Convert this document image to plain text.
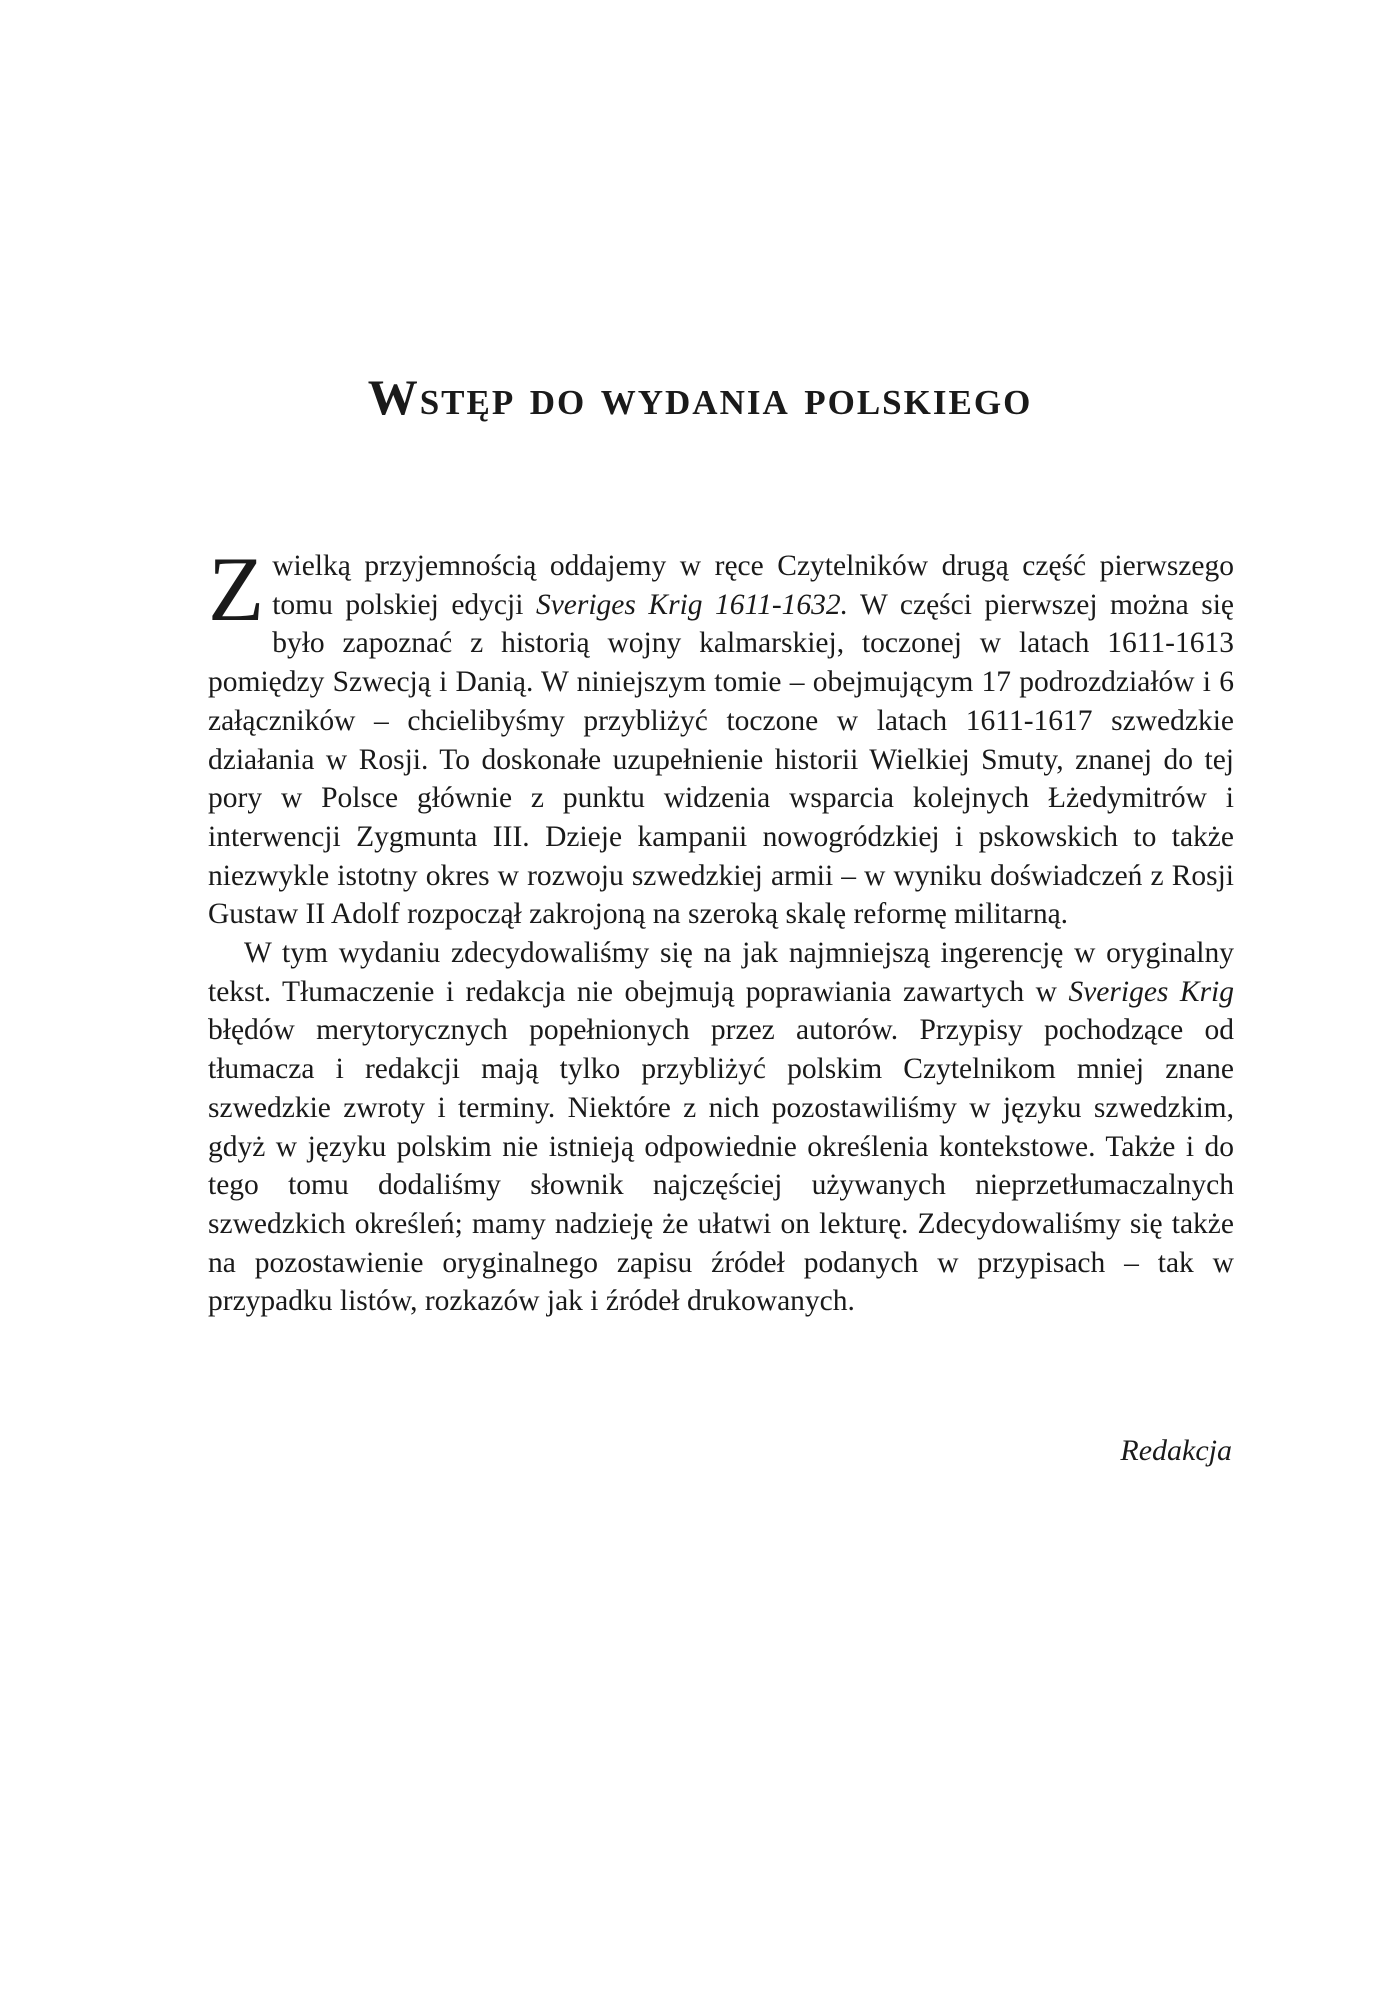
Wstęp do wydania polskiego

Z wielką przyjemnością oddajemy w ręce Czytelników drugą część pierwszego tomu polskiej edycji Sveriges Krig 1611-1632. W części pierwszej można się było zapoznać z historią wojny kalmarskiej, toczonej w latach 1611-1613 pomiędzy Szwecją i Danią. W niniejszym tomie – obejmującym 17 podrozdziałów i 6 załączników – chcielibyśmy przybliżyć toczone w latach 1611-1617 szwedzkie działania w Rosji. To doskonałe uzupełnienie historii Wielkiej Smuty, znanej do tej pory w Polsce głównie z punktu widzenia wsparcia kolejnych Łżedymitrów i interwencji Zygmunta III. Dzieje kampanii nowogródzkiej i pskowskich to także niezwykle istotny okres w rozwoju szwedzkiej armii – w wyniku doświadczeń z Rosji Gustaw II Adolf rozpoczął zakrojoną na szeroką skalę reformę militarną.

W tym wydaniu zdecydowaliśmy się na jak najmniejszą ingerencję w oryginalny tekst. Tłumaczenie i redakcja nie obejmują poprawiania zawartych w Sveriges Krig błędów merytorycznych popełnionych przez autorów. Przypisy pochodzące od tłumacza i redakcji mają tylko przybliżyć polskim Czytelnikom mniej znane szwedzkie zwroty i terminy. Niektóre z nich pozostawiliśmy w języku szwedzkim, gdyż w języku polskim nie istnieją odpowiednie określenia kontekstowe. Także i do tego tomu dodaliśmy słownik najczęściej używanych nieprzetłumaczalnych szwedzkich określeń; mamy nadzieję że ułatwi on lekturę. Zdecydowaliśmy się także na pozostawienie oryginalnego zapisu źródeł podanych w przypisach – tak w przypadku listów, rozkazów jak i źródeł drukowanych.

Redakcja
